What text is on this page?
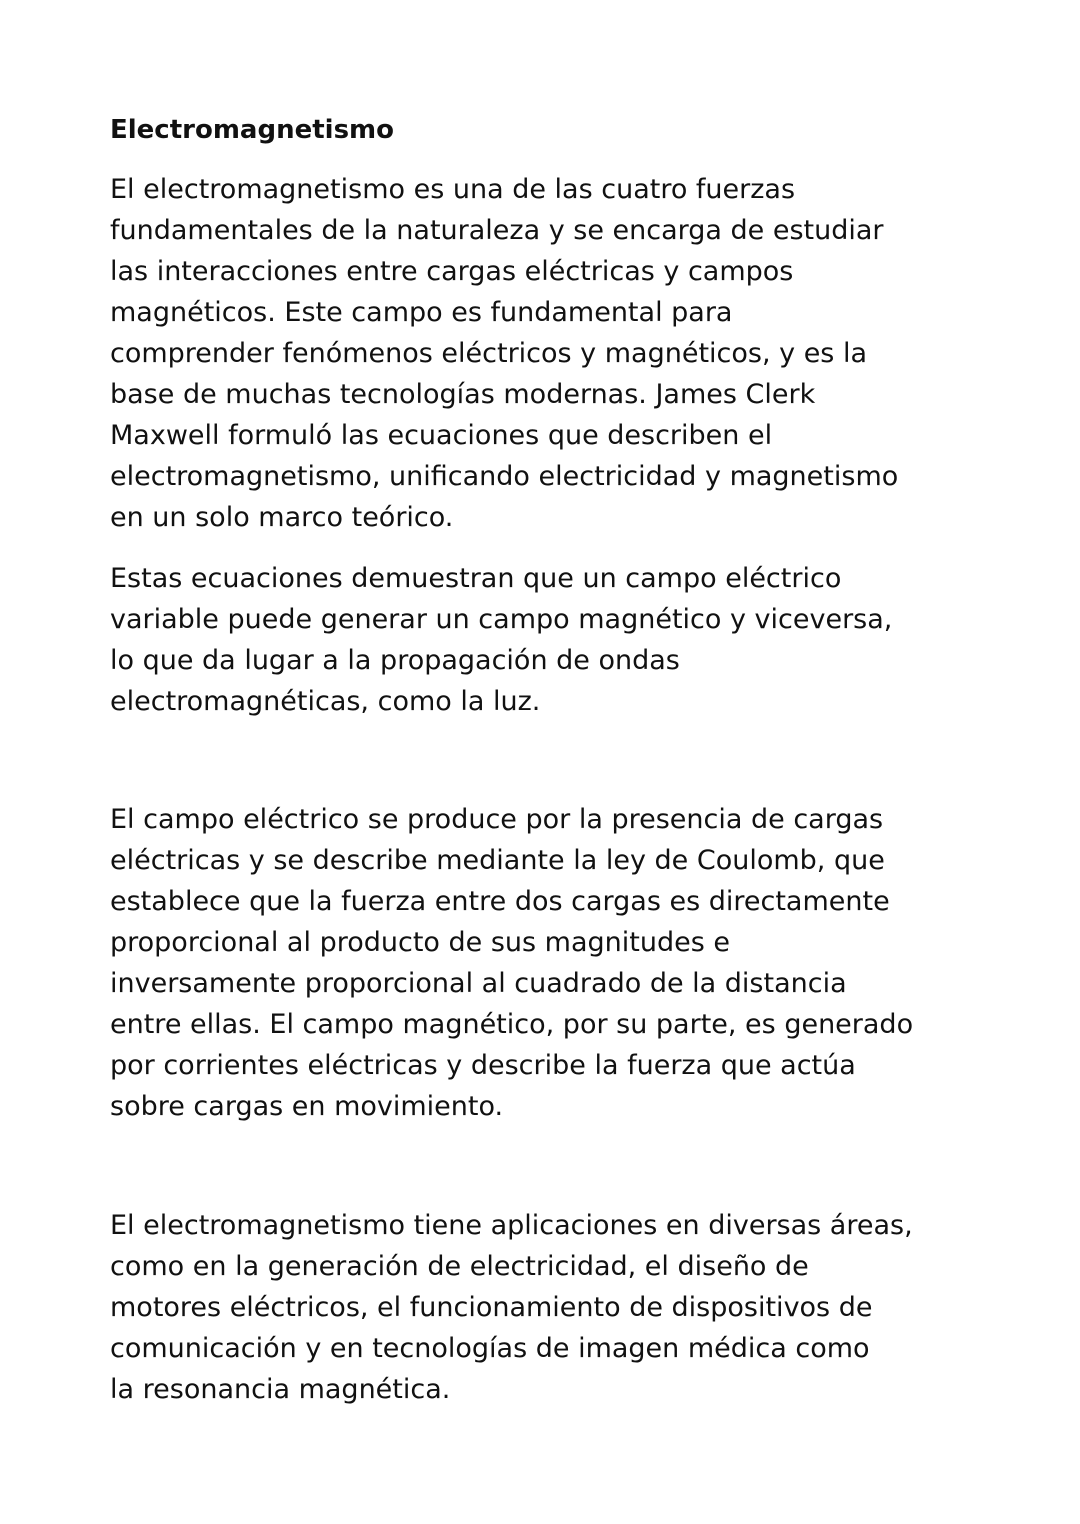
Electromagnetismo

El electromagnetismo es una de las cuatro fuerzas
fundamentales de la naturaleza y se encarga de estudiar
las interacciones entre cargas eléctricas y campos
magnéticos. Este campo es fundamental para
comprender fenómenos eléctricos y magnéticos, y es la
base de muchas tecnologías modernas. James Clerk
Maxwell formuló las ecuaciones que describen el
electromagnetismo, unificando electricidad y magnetismo
en un solo marco teórico.

Estas ecuaciones demuestran que un campo eléctrico
variable puede generar un campo magnético y viceversa,
lo que da lugar a la propagación de ondas
electromagnéticas, como la luz.

El campo eléctrico se produce por la presencia de cargas
eléctricas y se describe mediante la ley de Coulomb, que
establece que la fuerza entre dos cargas es directamente
proporcional al producto de sus magnitudes e
inversamente proporcional al cuadrado de la distancia
entre ellas. El campo magnético, por su parte, es generado
por corrientes eléctricas y describe la fuerza que actúa
sobre cargas en movimiento.

El electromagnetismo tiene aplicaciones en diversas áreas,
como en la generación de electricidad, el diseño de
motores eléctricos, el funcionamiento de dispositivos de
comunicación y en tecnologías de imagen médica como
la resonancia magnética.
